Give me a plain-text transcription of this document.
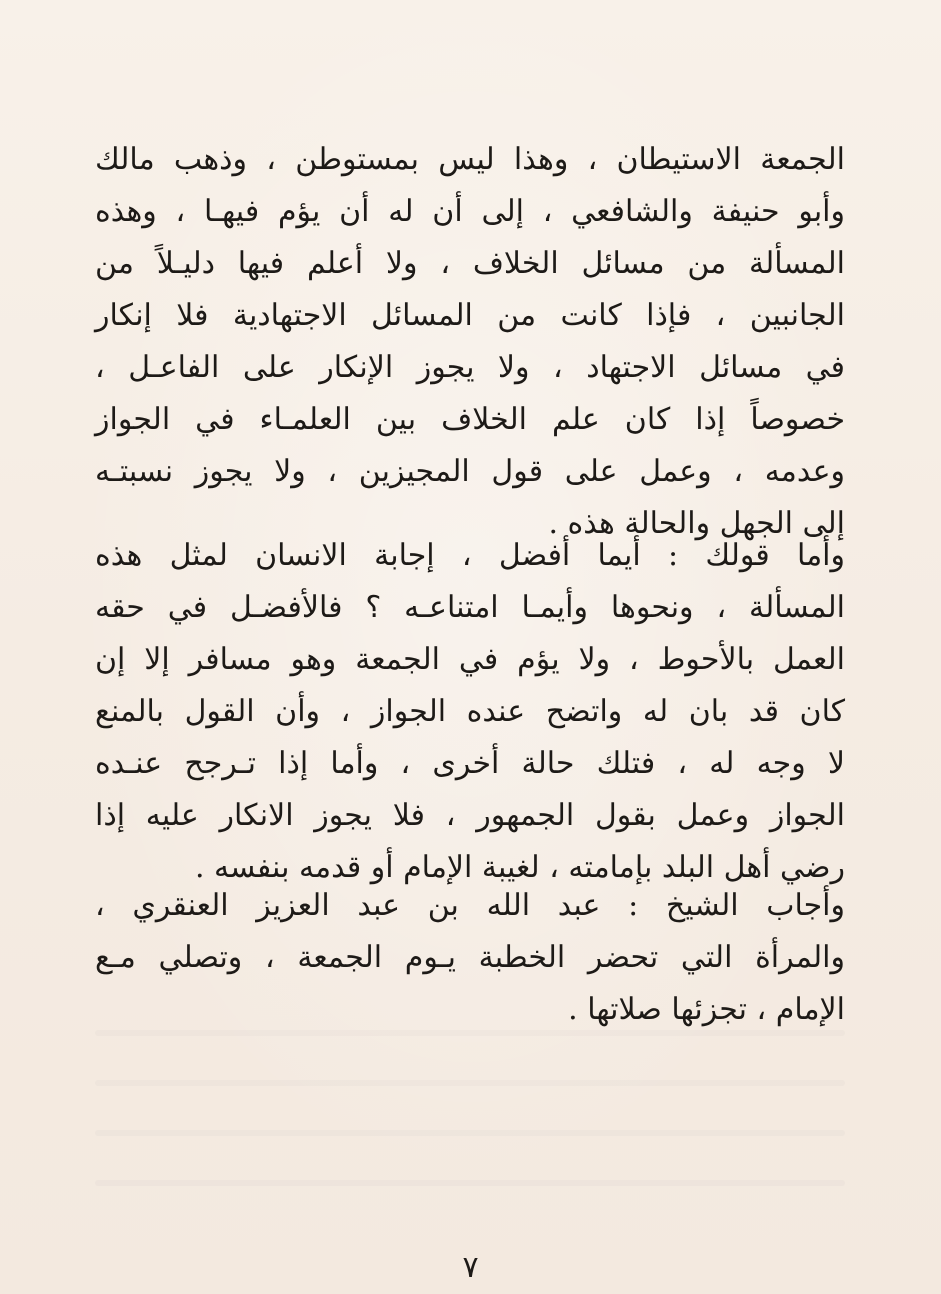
الجمعة الاستيطان ، وهذا ليس بمستوطن ، وذهب مالك
وأبو حنيفة والشافعي ، إلى أن له أن يؤم فيهـا ، وهذه
المسألة من مسائل الخلاف ، ولا أعلم فيها دليـلاً من
الجانبين ، فإذا كانت من المسائل الاجتهادية فلا إنكار
في مسائل الاجتهاد ، ولا يجوز الإنكار على الفاعـل ،
خصوصاً إذا كان علم الخلاف بين العلمـاء في الجواز
وعدمه ، وعمل على قول المجيزين ، ولا يجوز نسبتـه
إلى الجهل والحالة هذه .
وأما قولك : أيما أفضل ، إجابة الانسان لمثل هذه
المسألة ، ونحوها وأيمـا امتناعـه ؟ فالأفضـل في حقه
العمل بالأحوط ، ولا يؤم في الجمعة وهو مسافر إلا إن
كان قد بان له واتضح عنده الجواز ، وأن القول بالمنع
لا وجه له ، فتلك حالة أخرى ، وأما إذا تـرجح عنـده
الجواز وعمل بقول الجمهور ، فلا يجوز الانكار عليه إذا
رضي أهل البلد بإمامته ، لغيبة الإمام أو قدمه بنفسه .
وأجاب الشيخ : عبد الله بن عبد العزيز العنقري ،
والمرأة التي تحضر الخطبة يـوم الجمعة ، وتصلي مـع
الإمام ، تجزئها صلاتها .
٧
